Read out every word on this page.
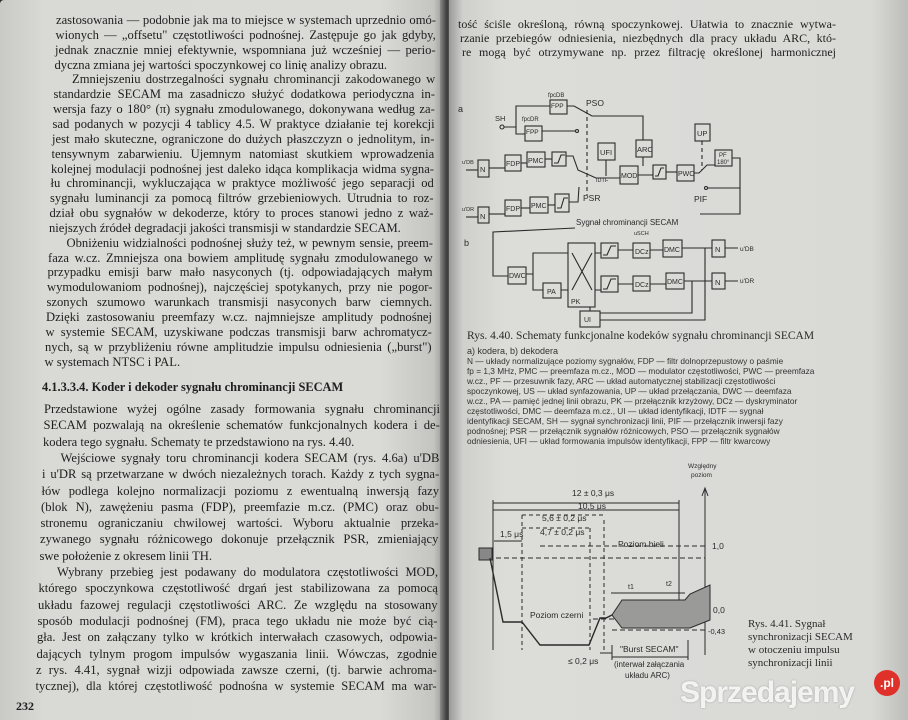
4.1.3.3.4. Koder i dekoder sygnału chrominancji SECAM
232
a
SH
fpcDB
FPP
fpcDR
FPP
PSO
UFI	ARC
UP
PF
180°
u'DB
N
FDP PMC
IDTF
MOD	PWC
PSR	PIF
u'DR
N
FDP PMC
Sygnał chrominancji SECAM
uSCH
b
DWC
PA
PK
DCz
DCz
DMC
DMC
N
N
u'DB
u'DR
UI
Względny
poziom
12 ± 0,3 μs
10,5 μs
5,6 ± 0,2 μs
4,7 ± 0,2 μs
1,5 μs
Poziom bieli	1,0
t1	t2
Poziom czerni	0,0
-0,43
≤ 0,2 μs
"Burst SECAM"
(interwał załączania
układu ARC)
Sprzedajemy	.pl
zastosowania — podobnie jak ma to miejsce w systemach uprzednio omó-
wionych — „offsetu" częstotliwości podnośnej. Zastępuje go jak gdyby,
jednak znacznie mniej efektywnie, wspomniana już wcześniej — perio-
dyczna zmiana jej wartości spoczynkowej co linię analizy obrazu.
Zmniejszeniu dostrzegalności sygnału chrominancji zakodowanego w
standardzie SECAM ma zasadniczo służyć dodatkowa periodyczna in-
wersja fazy o 180° (π) sygnału zmodulowanego, dokonywana według za-
sad podanych w pozycji 4 tablicy 4.5. W praktyce działanie tej korekcji
jest mało skuteczne, ograniczone do dużych płaszczyzn o jednolitym, in-
tensywnym zabarwieniu. Ujemnym natomiast skutkiem wprowadzenia
kolejnej modulacji podnośnej jest daleko idąca komplikacja widma sygna-
łu chrominancji, wykluczająca w praktyce możliwość jego separacji od
sygnału luminancji za pomocą filtrów grzebieniowych. Utrudnia to roz-
dział obu sygnałów w dekoderze, który to proces stanowi jedno z waż-
niejszych źródeł degradacji jakości transmisji w standardzie SECAM.
Obniżeniu widzialności podnośnej służy też, w pewnym sensie, preem-
faza w.cz. Zmniejsza ona bowiem amplitudę sygnału zmodulowanego w
przypadku emisji barw mało nasyconych (tj. odpowiadających małym
wymodulowaniom podnośnej), najczęściej spotykanych, przy nie pogor-
szonych szumowo warunkach transmisji nasyconych barw ciemnych.
Dzięki zastosowaniu preemfazy w.cz. najmniejsze amplitudy podnośnej
w systemie SECAM, uzyskiwane podczas transmisji barw achromatycz-
nych, są w przybliżeniu równe amplitudzie impulsu odniesienia („burst")
w systemach NTSC i PAL.
Przedstawione wyżej ogólne zasady formowania sygnału chrominancji
SECAM pozwalają na określenie schematów funkcjonalnych kodera i de-
kodera tego sygnału. Schematy te przedstawiono na rys. 4.40.
Wejściowe sygnały toru chrominancji kodera SECAM (rys. 4.6a) u'DB
i u'DR są przetwarzane w dwóch niezależnych torach. Każdy z tych sygna-
łów podlega kolejno normalizacji poziomu z ewentualną inwersją fazy
(blok N), zawężeniu pasma (FDP), preemfazie m.cz. (PMC) oraz obu-
stronemu ograniczaniu chwilowej wartości. Wyboru aktualnie przeka-
zywanego sygnału różnicowego dokonuje przełącznik PSR, zmieniający
swe położenie z okresem linii TH.
Wybrany przebieg jest podawany do modulatora częstotliwości MOD,
którego spoczynkowa częstotliwość drgań jest stabilizowana za pomocą
układu fazowej regulacji częstotliwości ARC. Ze względu na stosowany
sposób modulacji podnośnej (FM), praca tego układu nie może być cią-
gła. Jest on załączany tylko w krótkich interwałach czasowych, odpowia-
dających tylnym progom impulsów wygaszania linii. Wówczas, zgodnie
z rys. 4.41, sygnał wizji odpowiada zawsze czerni, (tj. barwie achroma-
tycznej), dla której częstotliwość podnośna w systemie SECAM ma war-
tość ściśle określoną, równą spoczynkowej. Ułatwia to znacznie wytwa-
rzanie przebiegów odniesienia, niezbędnych dla pracy układu ARC, któ-
re mogą być otrzymywane np. przez filtrację określonej harmonicznej
Rys. 4.40. Schematy funkcjonalne kodeków sygnału chrominancji SECAM
a) kodera, b) dekodera
N — układy normalizujące poziomy sygnałów, FDP — filtr dolnoprzepustowy o paśmie
fp = 1,3 MHz, PMC — preemfaza m.cz., MOD — modulator częstotliwości, PWC — preemfaza
w.cz., PF — przesuwnik fazy, ARC — układ automatycznej stabilizacji częstotliwości
spoczynkowej, US — układ synfazowania, UP — układ przełączania, DWC — deemfaza
w.cz., PA — pamięć jednej linii obrazu, PK — przełącznik krzyżowy, DCz — dyskryminator
częstotliwości, DMC — deemfaza m.cz., UI — układ identyfikacji, IDTF — sygnał
identyfikacji SECAM, SH — sygnał synchronizacji linii, PIF — przełącznik inwersji fazy
podnośnej; PSR — przełącznik sygnałów różnicowych, PSO — przełącznik sygnałów
odniesienia, UFI — układ formowania impulsów identyfikacji, FPP — filtr kwarcowy
Rys. 4.41. Sygnał
synchronizacji SECAM
w otoczeniu impulsu
synchronizacji linii
